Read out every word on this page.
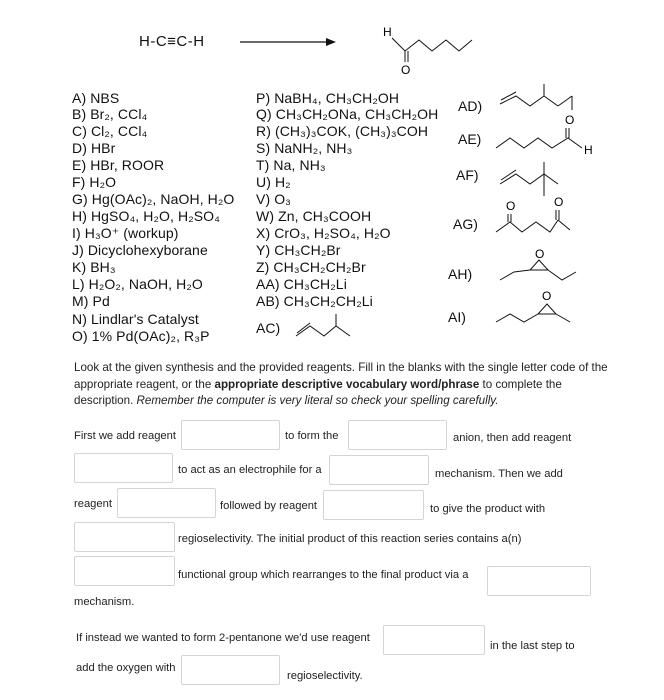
H-C≡C-H
H
O
A) NBS
B) Br₂, CCl₄
C) Cl₂, CCl₄
D) HBr
E) HBr, ROOR
F) H₂O
G) Hg(OAc)₂, NaOH, H₂O
H) HgSO₄, H₂O, H₂SO₄
I) H₃O⁺ (workup)
J) Dicyclohexyborane
K) BH₃
L) H₂O₂, NaOH, H₂O
M) Pd
N) Lindlar's Catalyst
O) 1% Pd(OAc)₂, R₃P
P) NaBH₄, CH₃CH₂OH
Q) CH₃CH₂ONa, CH₃CH₂OH
R) (CH₃)₃COK, (CH₃)₃COH
S) NaNH₂, NH₃
T) Na, NH₃
U) H₂
V) O₃
W) Zn, CH₃COOH
X) CrO₃, H₂SO₄, H₂O
Y) CH₃CH₂Br
Z) CH₃CH₂CH₂Br
AA) CH₃CH₂Li
AB) CH₃CH₂CH₂Li
AC)
AD)
AE)
O
H
AF)
AG)
O	O
AH)
O
AI)
O
Look at the given synthesis and the provided reagents. Fill in the blanks with the single letter code of the appropriate reagent, or the appropriate descriptive vocabulary word/phrase to complete the description. Remember the computer is very literal so check your spelling carefully.
First we add reagent	to form the	anion, then add reagent
to act as an electrophile for a	mechanism. Then we add
reagent	followed by reagent	to give the product with
regioselectivity. The initial product of this reaction series contains a(n)
functional group which rearranges to the final product via a
mechanism.
If instead we wanted to form 2-pentanone we'd use reagent
in the last step to
add the oxygen with
regioselectivity.
